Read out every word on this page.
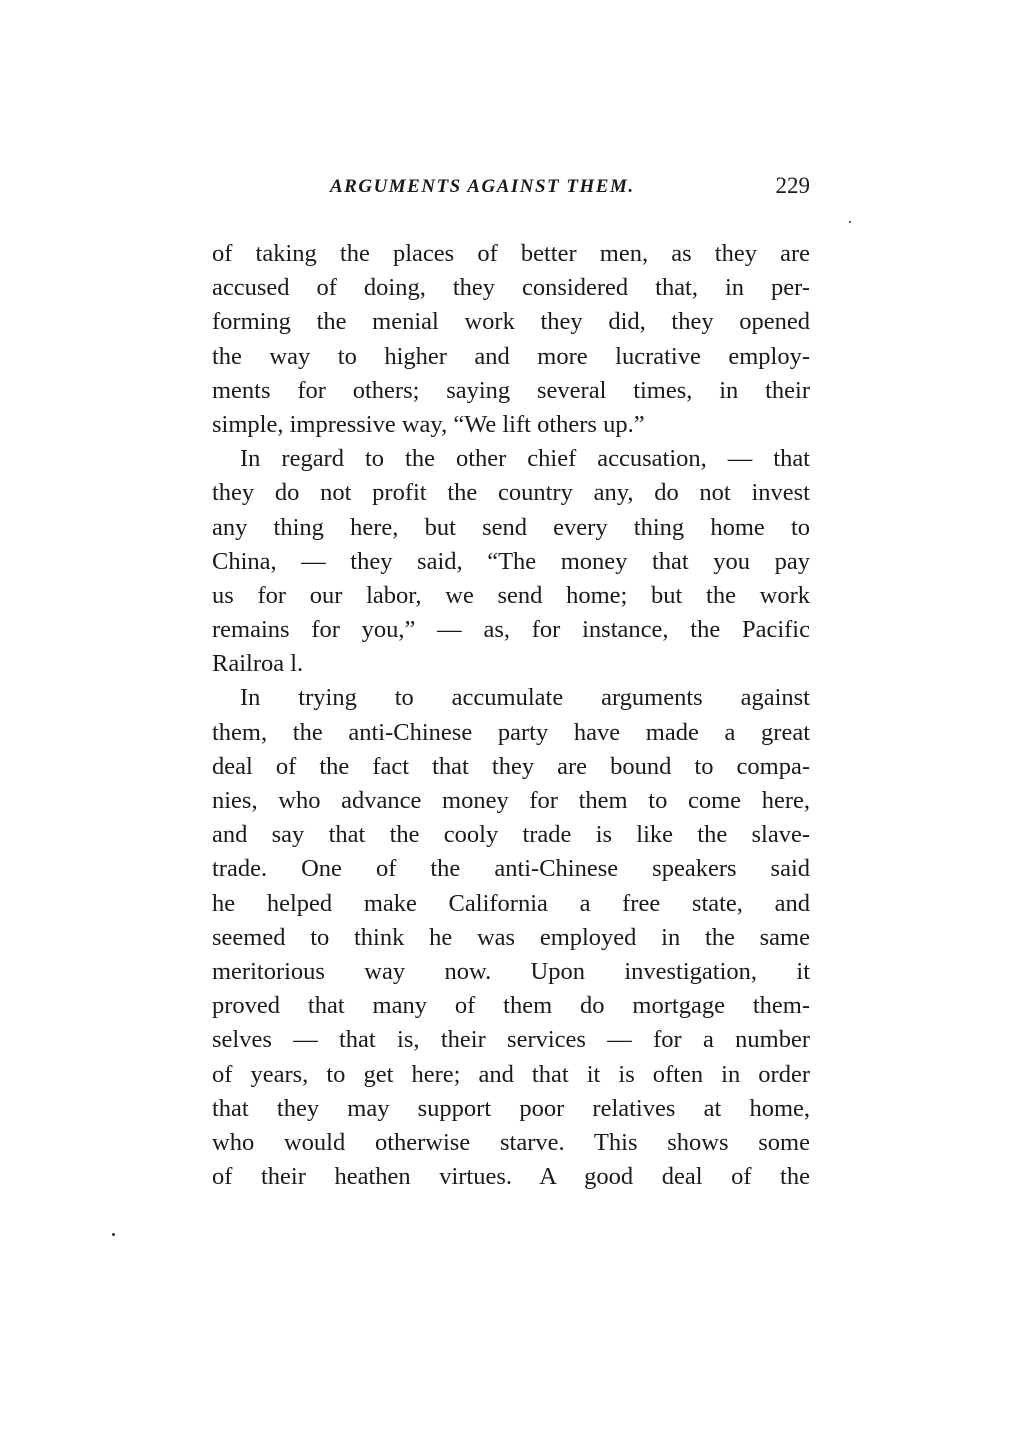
ARGUMENTS AGAINST THEM.	229
of taking the places of better men, as they are
accused of doing, they considered that, in per-
forming the menial work they did, they opened
the way to higher and more lucrative employ-
ments for others; saying several times, in their
simple, impressive way, “We lift others up.”
In regard to the other chief accusation, — that
they do not profit the country any, do not invest
any thing here, but send every thing home to
China, — they said, “The money that you pay
us for our labor, we send home; but the work
remains for you,” — as, for instance, the Pacific
Railroa l.
In trying to accumulate arguments against
them, the anti-Chinese party have made a great
deal of the fact that they are bound to compa-
nies, who advance money for them to come here,
and say that the cooly trade is like the slave-
trade. One of the anti-Chinese speakers said
he helped make California a free state, and
seemed to think he was employed in the same
meritorious way now. Upon investigation, it
proved that many of them do mortgage them-
selves — that is, their services — for a number
of years, to get here; and that it is often in order
that they may support poor relatives at home,
who would otherwise starve. This shows some
of their heathen virtues. A good deal of the
